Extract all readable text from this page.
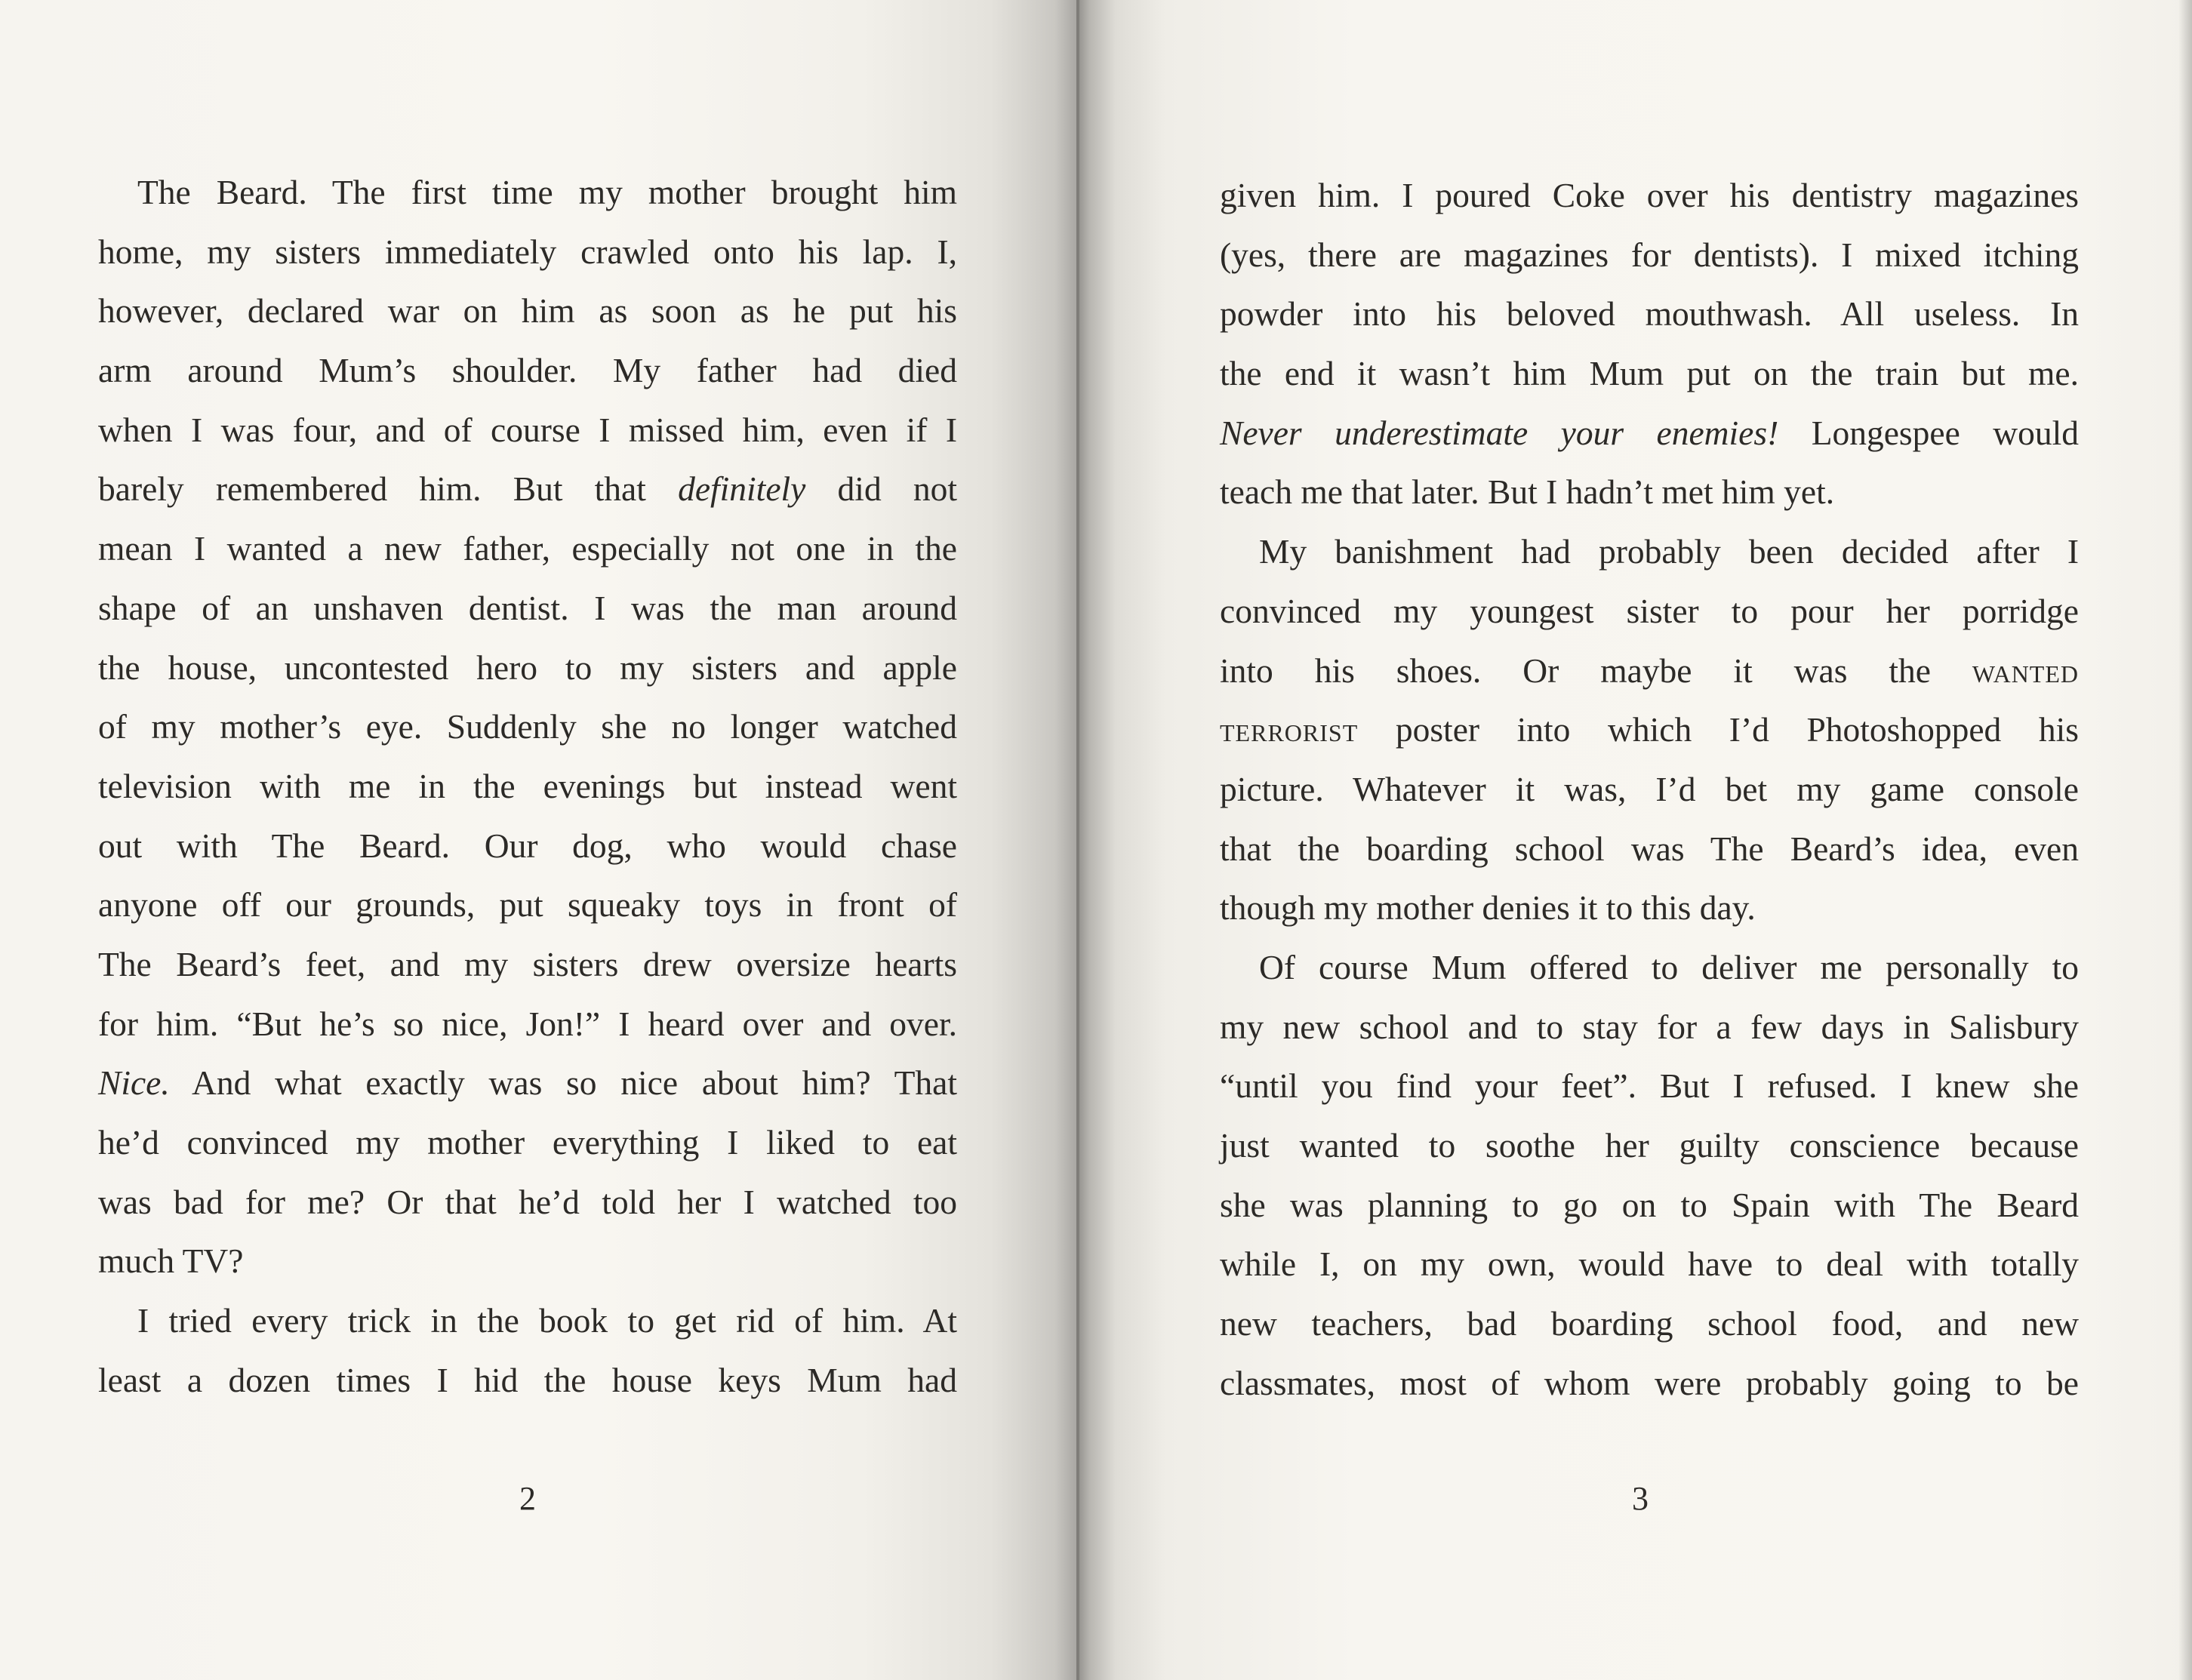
The Beard. The first time my mother brought him
home, my sisters immediately crawled onto his lap. I,
however, declared war on him as soon as he put his
arm around Mum’s shoulder. My father had died
when I was four, and of course I missed him, even if I
barely remembered him. But that definitely did not
mean I wanted a new father, especially not one in the
shape of an unshaven dentist. I was the man around
the house, uncontested hero to my sisters and apple
of my mother’s eye. Suddenly she no longer watched
television with me in the evenings but instead went
out with The Beard. Our dog, who would chase
anyone off our grounds, put squeaky toys in front of
The Beard’s feet, and my sisters drew oversize hearts
for him. “But he’s so nice, Jon!” I heard over and over.
Nice. And what exactly was so nice about him? That
he’d convinced my mother everything I liked to eat
was bad for me? Or that he’d told her I watched too
much TV?
I tried every trick in the book to get rid of him. At
least a dozen times I hid the house keys Mum had
2
given him. I poured Coke over his dentistry magazines
(yes, there are magazines for dentists). I mixed itching
powder into his beloved mouthwash. All useless. In
the end it wasn’t him Mum put on the train but me.
Never underestimate your enemies! Longespee would
teach me that later. But I hadn’t met him yet.
My banishment had probably been decided after I
convinced my youngest sister to pour her porridge
into his shoes. Or maybe it was the wanted
terrorist poster into which I’d Photoshopped his
picture. Whatever it was, I’d bet my game console
that the boarding school was The Beard’s idea, even
though my mother denies it to this day.
Of course Mum offered to deliver me personally to
my new school and to stay for a few days in Salisbury
“until you find your feet”. But I refused. I knew she
just wanted to soothe her guilty conscience because
she was planning to go on to Spain with The Beard
while I, on my own, would have to deal with totally
new teachers, bad boarding school food, and new
classmates, most of whom were probably going to be
3
